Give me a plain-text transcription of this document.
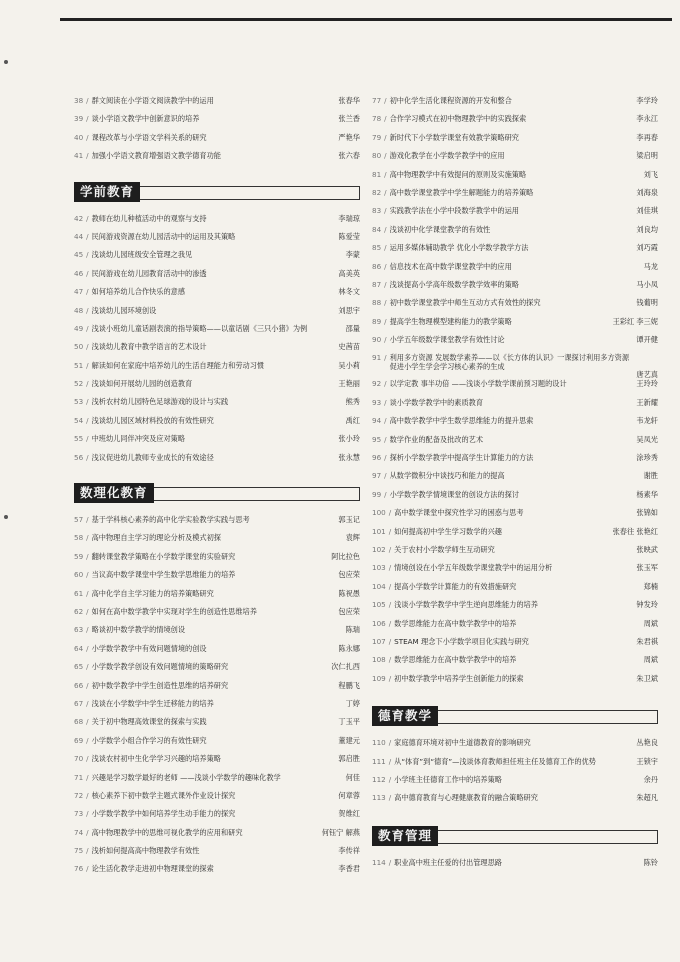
38 / 群文阅读在小学语文阅读教学中的运用	张春华
39 / 谈小学语文教学中创新意识的培养	张兰香
40 / 课程改革与小学语文学科关系的研究	严艳华
41 / 加强小学语文教育增强语文教学德育功能	张六春
学前教育
42 / 教师在幼儿种植活动中的观察与支持	李瑞琼
44 / 民间游戏资源在幼儿园活动中的运用及其策略	陈爱莹
45 / 浅谈幼儿园班级安全管理之我见	李蒙
46 / 民间游戏在幼儿园教育活动中的渗透	高美英
47 / 如何培养幼儿合作快乐的意感	林冬文
48 / 浅谈幼儿园环境创设	刘思宇
49 / 浅谈小班幼儿童话剧表演的指导策略——以童话剧《三只小猪》为例	邵量
50 / 浅谈幼儿教育中教学语言的艺术设计	史茜苗
51 / 解读如何在家庭中培养幼儿的生活自理能力和劳动习惯	吴小莉
52 / 浅谈如何开展幼儿园的创造教育	王艳丽
53 / 浅析农村幼儿园特色足球游戏的设计与实践	熊秀
54 / 浅谈幼儿园区域材料投放的有效性研究	禹红
55 / 中班幼儿同伴冲突及应对策略	张小玲
56 / 浅议促进幼儿教师专业成长的有效途径	张永慧
数理化教育
57 / 基于学科核心素养的高中化学实验教学实践与思考	郭玉记
58 / 高中物理自主学习的理论分析及模式初探	袁辉
59 / 翻转课堂教学策略在小学数学课堂的实验研究	阿比拉色
60 / 当议高中数学课堂中学生数学思维能力的培养	包应荣
61 / 高中化学自主学习能力的培养策略研究	陈祝愚
62 / 如何在高中数学教学中实现对学生的创造性思维培养	包应荣
63 / 略谈初中数学教学的情境创设	陈瑞
64 / 小学数学教学中有效问题情境的创设	陈永娜
65 / 小学数学教学创设有效问题情境的策略研究	次仁扎西
66 / 初中数学教学中学生创造性思维的培养研究	程鹏飞
67 / 浅谈在小学数学中学生迁移能力的培养	丁婷
68 / 关于初中物理高效课堂的探索与实践	丁玉平
69 / 小学数学小组合作学习的有效性研究	董建元
70 / 浅谈农村初中生化学学习兴趣的培养策略	郭启胜
71 / 兴趣是学习数学最好的老师 ——浅谈小学数学的趣味化教学	何佳
72 / 核心素养下初中数学主题式课外作业设计探究	何章蓉
73 / 小学数学教学中如何培养学生动手能力的探究	贺维红
74 / 高中物理教学中的思维可视化教学的应用和研究	何钰宁 解燕
75 / 浅析如何提高高中物理教学有效性	李传祥
76 / 论生活化教学走进初中物理课堂的探索	李香君
77 / 初中化学生活化课程资源的开发和整合	李学玲
78 / 合作学习模式在初中物理教学中的实践探索	李永江
79 / 新时代下小学数学课堂有效教学策略研究	李再春
80 / 游戏化教学在小学数学教学中的应用	梁启明
81 / 高中物理教学中有效提问的原则及实施策略	刘飞
82 / 高中数学课堂教学中学生解题能力的培养策略	刘海泉
83 / 实践教学法在小学中段数学教学中的运用	刘佳琪
84 / 浅谈初中化学课堂教学的有效性	刘良均
85 / 运用多媒体辅助教学 优化小学数学教学方法	刘巧霞
86 / 信息技术在高中数学课堂教学中的应用	马龙
87 / 浅谈提高小学高年级数学教学效率的策略	马小凤
88 / 初中数学课堂教学中师生互动方式有效性的探究	钱葡明
89 / 提高学生物理模型建构能力的教学策略	王彩红 李三妮
90 / 小学五年级数学课堂教学有效性讨论	谭开健
91 / 利用多方资源 发展数学素养——以《长方体的认识》一课探讨利用多方资源促进小学生学会学习核心素养的生成
唐艺真
92 / 以学定教 事半功倍 ——浅谈小学数学课前预习题的设计	王玲玲
93 / 谈小学数学教学中的素质教育	王新耀
94 / 高中数学教学中学生数学思维能力的提升思索	韦龙轩
95 / 数学作业的配备及批改的艺术	吴凤光
96 / 探析小学数学教学中提高学生计算能力的方法	涂珍秀
97 / 从数学微积分中谈技巧和能力的提高	谢胜
99 / 小学数学教学情境课堂的创设方法的探讨	杨素华
100 / 高中数学课堂中探究性学习的困惑与思考	张锦如
101 / 如何提高初中学生学习数学的兴趣	张春往 张艳红
102 / 关于农村小学数学师生互动研究	张映武
103 / 情境创设在小学五年级数学课堂教学中的运用分析	张玉军
104 / 提高小学数学计算能力的有效措施研究	郑楠
105 / 浅谈小学数学教学中学生逆向思维能力的培养	钟发玲
106 / 数学思维能力在高中数学教学中的培养	周斌
107 / STEAM 理念下小学数学项目化实践与研究	朱君祺
108 / 数学思维能力在高中数学教学中的培养	周斌
109 / 初中数学教学中培养学生创新能力的探索	朱卫斌
德育教学
110 / 家庭德育环境对初中生道德教育的影响研究	丛艳良
111 / 从“体育”到“德育”—浅谈体育教师担任班主任及德育工作的优势	王锁宇
112 / 小学班主任德育工作中的培养策略	余丹
113 / 高中德育教育与心理健康教育的融合策略研究	朱超凡
教育管理
114 / 职业高中班主任爱的付出管理思路	陈铃
